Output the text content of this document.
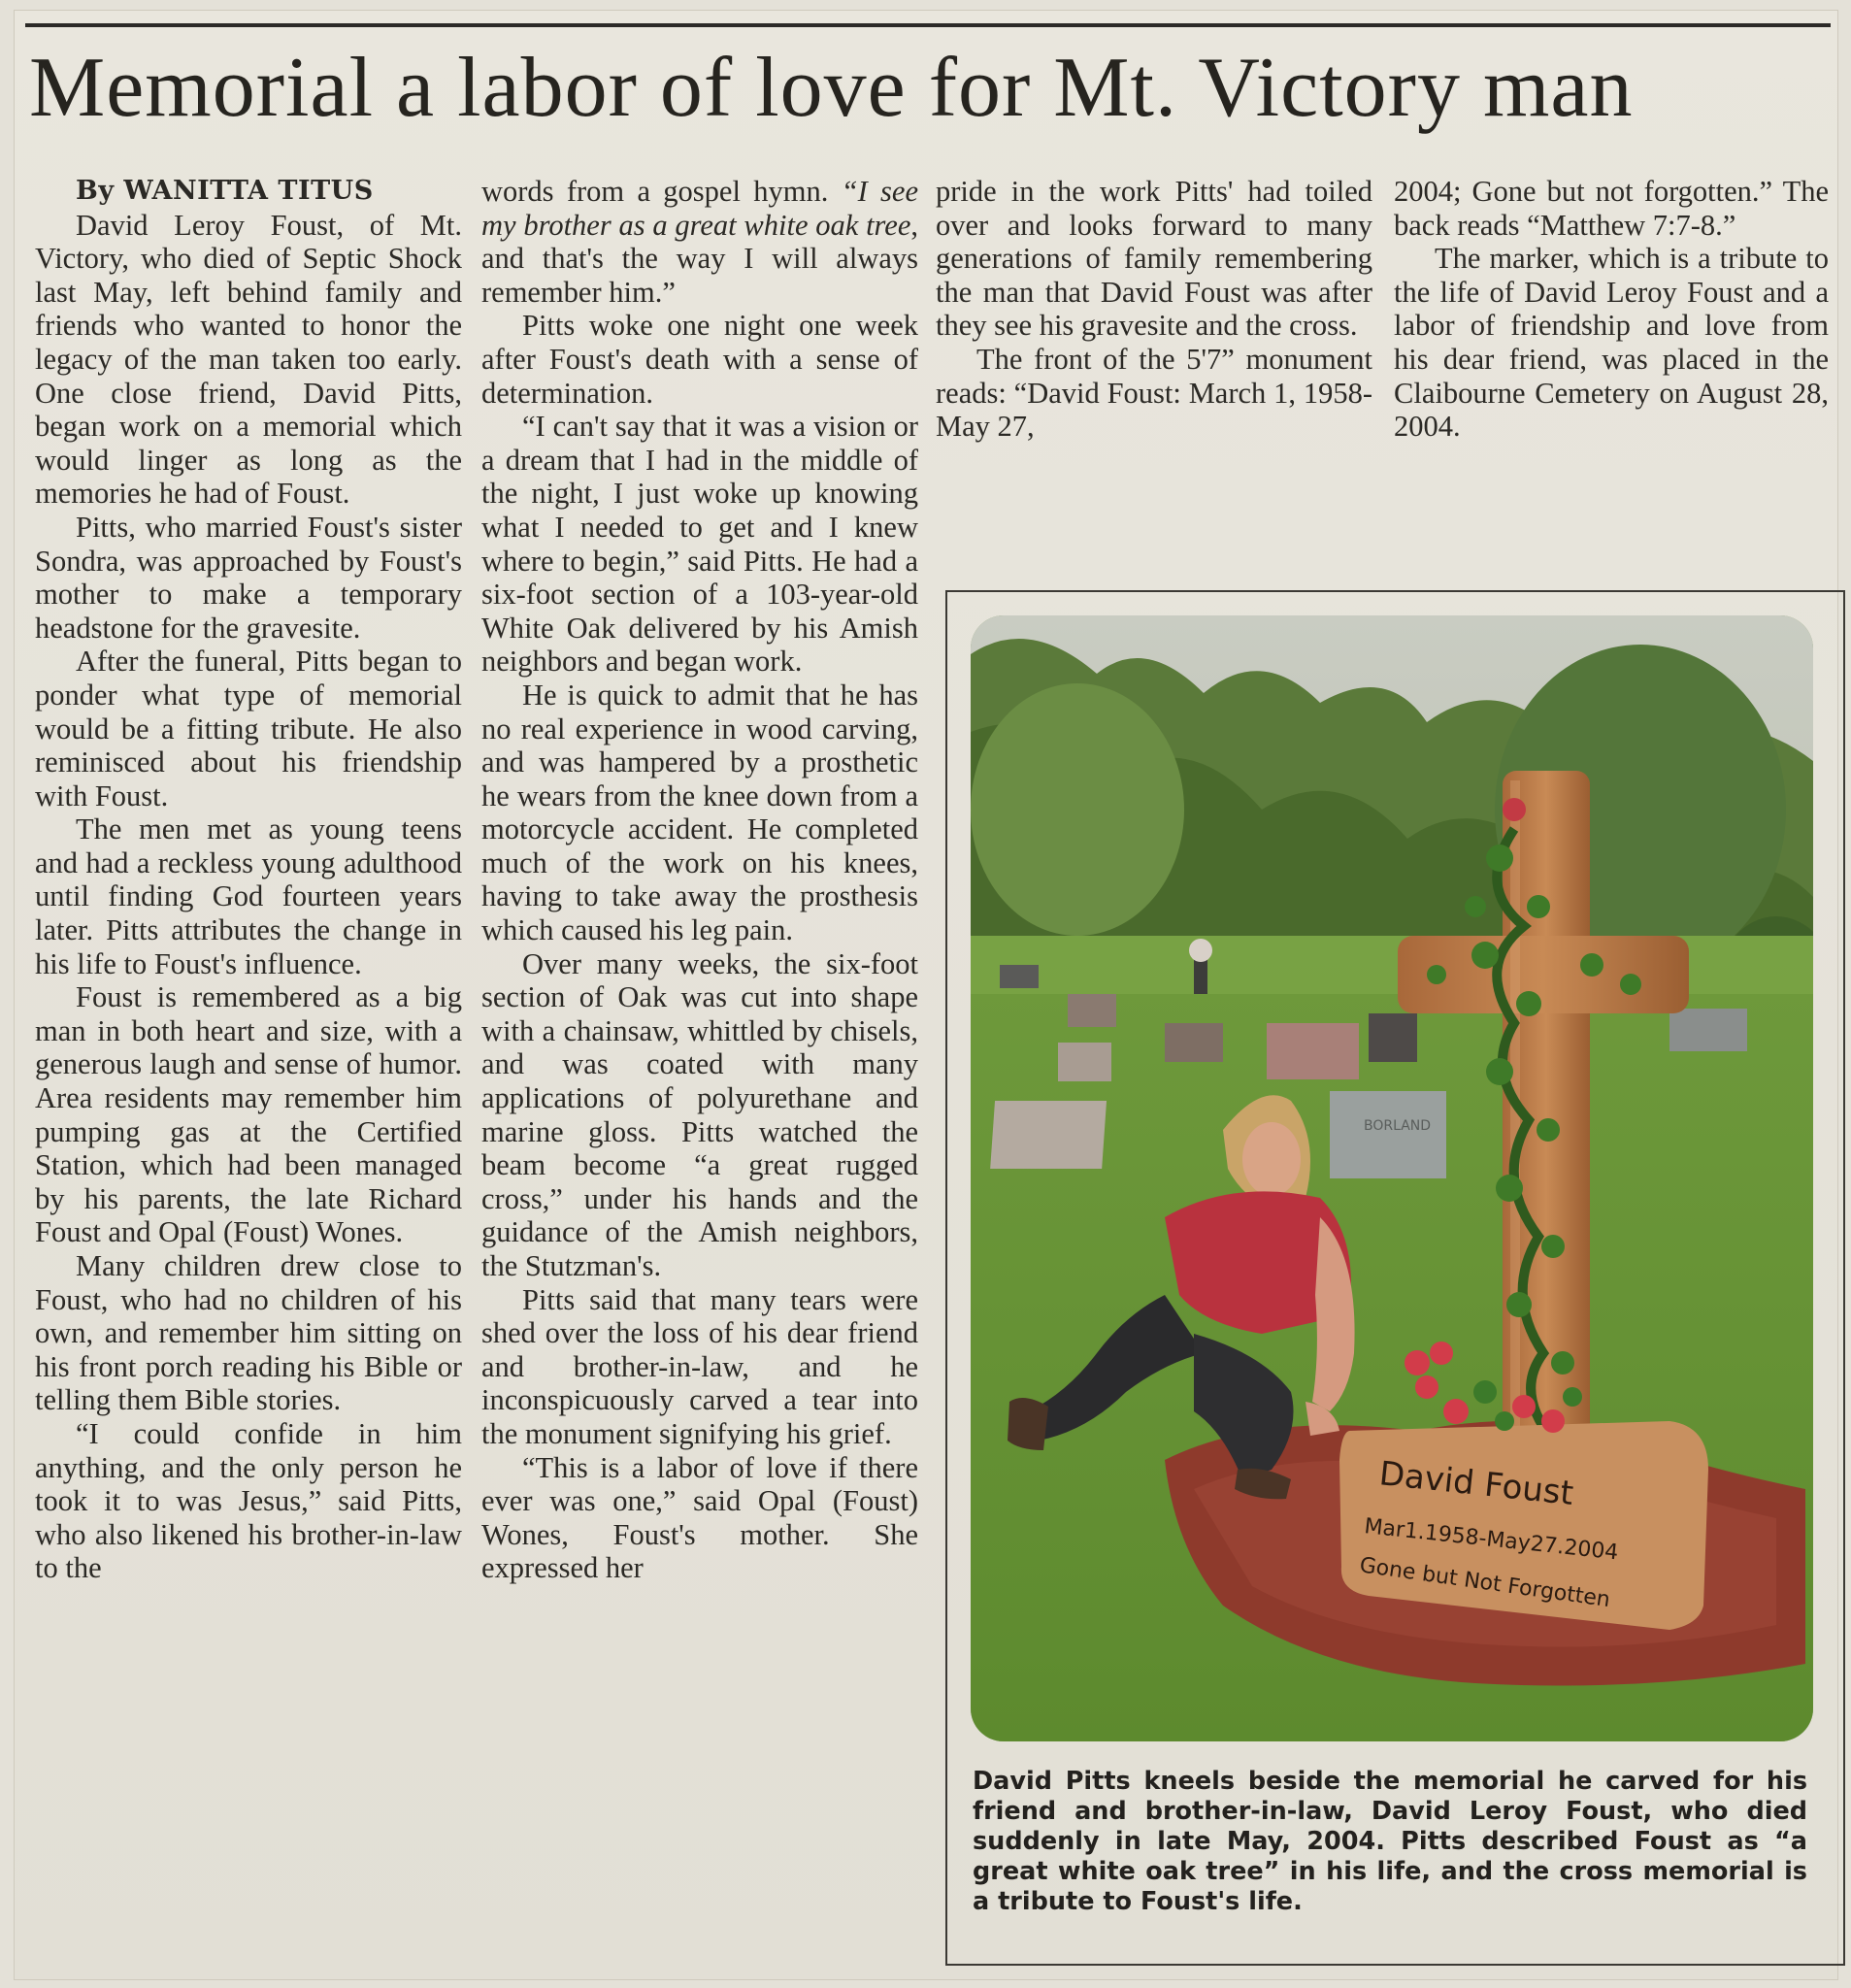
Memorial a labor of love for Mt. Victory man

By WANITTA TITUS

David Leroy Foust, of Mt. Victory, who died of Septic Shock last May, left behind family and friends who wanted to honor the legacy of the man taken too early. One close friend, David Pitts, began work on a memorial which would linger as long as the memories he had of Foust.

Pitts, who married Foust's sister Sondra, was approached by Foust's mother to make a temporary headstone for the gravesite.

After the funeral, Pitts began to ponder what type of memorial would be a fitting tribute. He also reminisced about his friendship with Foust.

The men met as young teens and had a reckless young adulthood until finding God fourteen years later. Pitts attributes the change in his life to Foust's influence.

Foust is remembered as a big man in both heart and size, with a generous laugh and sense of humor. Area residents may remember him pumping gas at the Certified Station, which had been managed by his parents, the late Richard Foust and Opal (Foust) Wones.

Many children drew close to Foust, who had no children of his own, and remember him sitting on his front porch reading his Bible or telling them Bible stories.

“I could confide in him anything, and the only person he took it to was Jesus,” said Pitts, who also likened his brother-in-law to the

words from a gospel hymn. “I see my brother as a great white oak tree, and that's the way I will always remember him.”

Pitts woke one night one week after Foust's death with a sense of determination.

“I can't say that it was a vision or a dream that I had in the middle of the night, I just woke up knowing what I needed to get and I knew where to begin,” said Pitts. He had a six-foot section of a 103-year-old White Oak delivered by his Amish neighbors and began work.

He is quick to admit that he has no real experience in wood carving, and was hampered by a prosthetic he wears from the knee down from a motorcycle accident. He completed much of the work on his knees, having to take away the prosthesis which caused his leg pain.

Over many weeks, the six-foot section of Oak was cut into shape with a chainsaw, whittled by chisels, and was coated with many applications of polyurethane and marine gloss. Pitts watched the beam become “a great rugged cross,” under his hands and the guidance of the Amish neighbors, the Stutzman's.

Pitts said that many tears were shed over the loss of his dear friend and brother-in-law, and he inconspicuously carved a tear into the monument signifying his grief.

“This is a labor of love if there ever was one,” said Opal (Foust) Wones, Foust's mother. She expressed her

pride in the work Pitts' had toiled over and looks forward to many generations of family remembering the man that David Foust was after they see his gravesite and the cross.

The front of the 5'7” monument reads: “David Foust: March 1, 1958-May 27,

2004; Gone but not forgotten.” The back reads “Matthew 7:7-8.”

The marker, which is a tribute to the life of David Leroy Foust and a labor of friendship and love from his dear friend, was placed in the Claibourne Cemetery on August 28, 2004.

BORLAND
David Foust
Mar1.1958-May27.2004
Gone but Not Forgotten
David Pitts kneels beside the memorial he carved for his friend and brother-in-law, David Leroy Foust, who died suddenly in late May, 2004. Pitts described Foust as “a great white oak tree” in his life, and the cross memorial is a tribute to Foust's life.
